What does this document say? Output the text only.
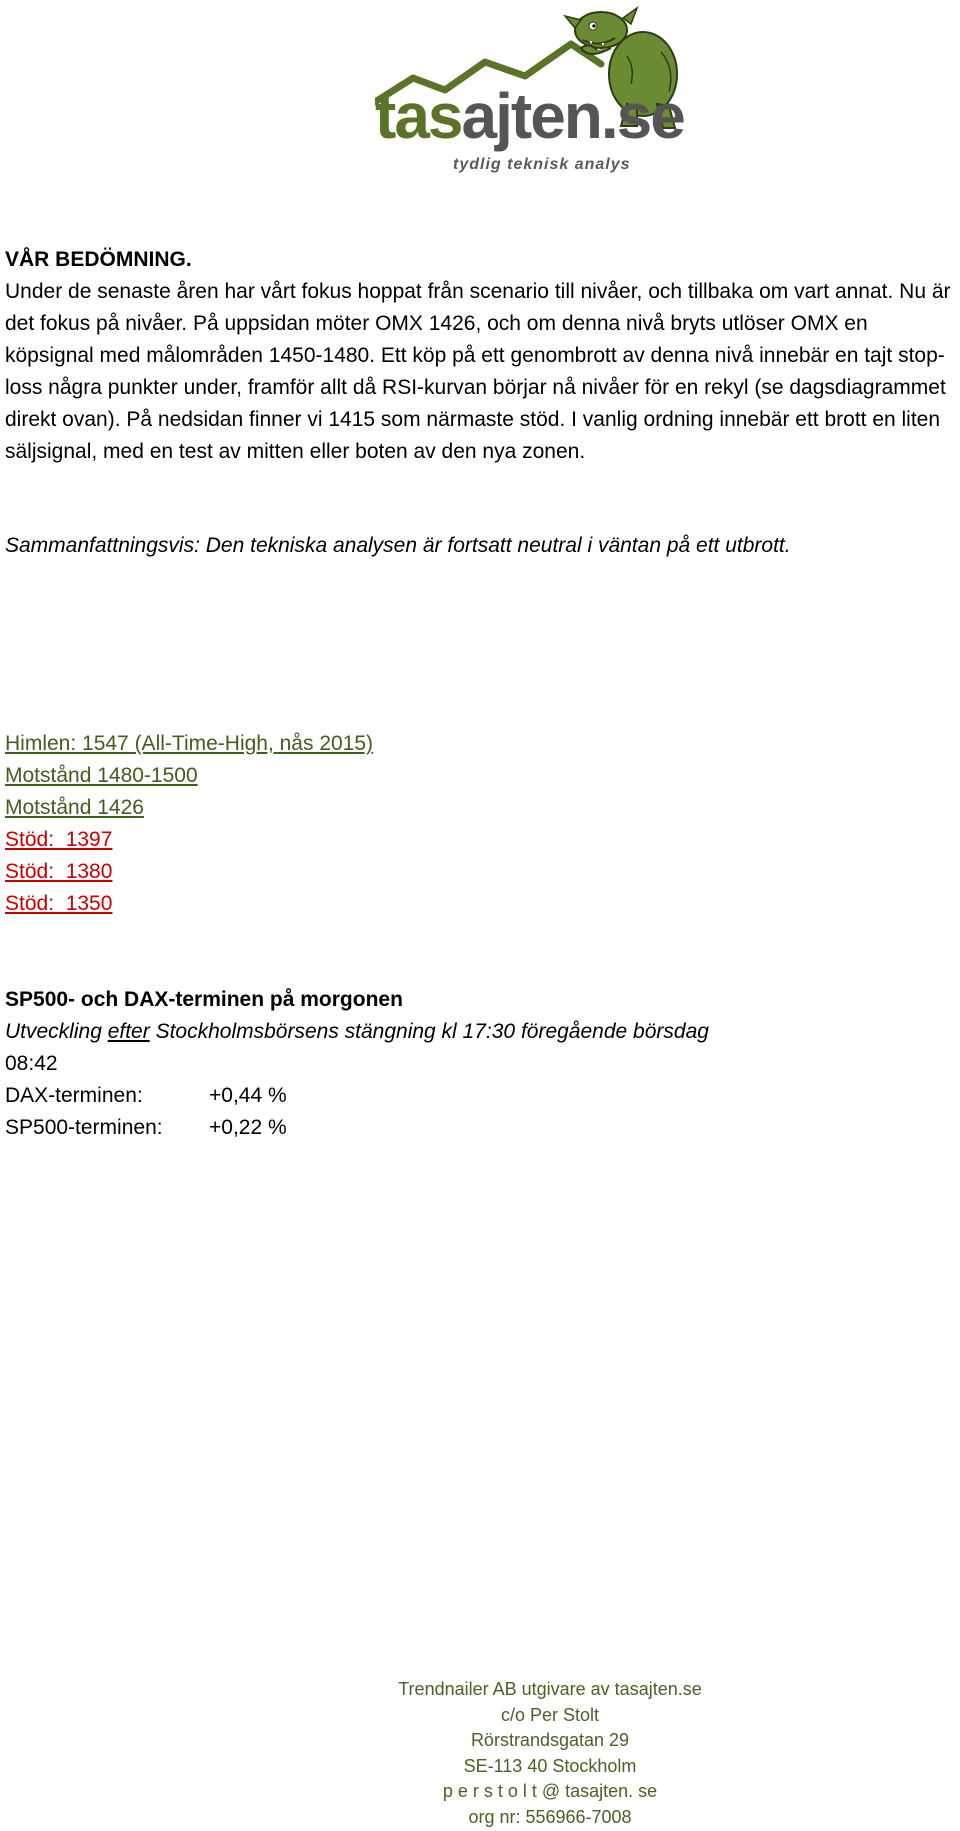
tasajten.se
tydlig teknisk analys
VÅR BEDÖMNING.
Under de senaste åren har vårt fokus hoppat från scenario till nivåer, och tillbaka om vart annat. Nu är det fokus på nivåer. På uppsidan möter OMX 1426, och om denna nivå bryts utlöser OMX en köpsignal med målområden 1450-1480. Ett köp på ett genombrott av denna nivå innebär en tajt stop-loss några punkter under, framför allt då RSI-kurvan börjar nå nivåer för en rekyl (se dagsdiagrammet direkt ovan). På nedsidan finner vi 1415 som närmaste stöd. I vanlig ordning innebär ett brott en liten säljsignal, med en test av mitten eller boten av den nya zonen.
Sammanfattningsvis: Den tekniska analysen är fortsatt neutral i väntan på ett utbrott.
Himlen: 1547 (All-Time-High, nås 2015)
Motstånd 1480-1500
Motstånd 1426
Stöd:  1397
Stöd:  1380
Stöd:  1350
SP500- och DAX-terminen på morgonen
Utveckling efter Stockholmsbörsens stängning kl 17:30 föregående börsdag
08:42
DAX-terminen:	+0,44 %
SP500-terminen:	+0,22 %
Trendnailer AB utgivare av tasajten.se
c/o Per Stolt
Rörstrandsgatan 29
SE-113 40 Stockholm
p e r s t o l t @ tasajten. se
org nr: 556966-7008
